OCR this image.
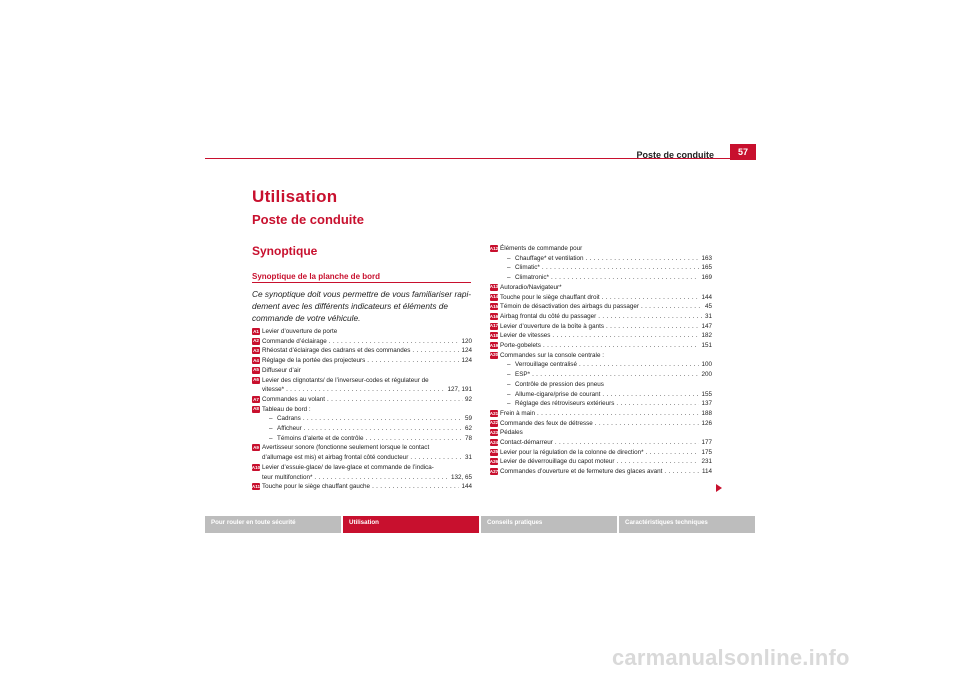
Poste de conduite	57
Utilisation
Poste de conduite
Synoptique
Synoptique de la planche de bord
Ce synoptique doit vous permettre de vous familiariser rapi-dement avec les différents indicateurs et éléments de commande de votre véhicule.
A1 Levier d’ouverture de porte
A2 Commande d’éclairage . . .	120
A3 Rhéostat d’éclairage des cadrans et des commandes . . .	124
A4 Réglage de la portée des projecteurs . . .	124
A5 Diffuseur d’air
A6 Levier des clignotants/ de l’inverseur-codes et régulateur de
vitesse* . . .	127, 191
A7 Commandes au volant . . .	92
A8 Tableau de bord :
– Cadrans . . .	59
– Afficheur . . .	62
– Témoins d’alerte et de contrôle . . .	78
A9 Avertisseur sonore (fonctionne seulement lorsque le contact
d’allumage est mis) et airbag frontal côté conducteur . . .	31
A10 Levier d’essuie-glace/ de lave-glace et commande de l’indica-
teur multifonction* . . .	132, 65
A11 Touche pour le siège chauffant gauche . . .	144
A12 Éléments de commande pour
– Chauffage* et ventilation . . .	163
– Climatic* . . .	165
– Climatronic* . . .	169
A13 Autoradio/Navigateur*
A14 Touche pour le siège chauffant droit . . .	144
A15 Témoin de désactivation des airbags du passager . . .	45
A16 Airbag frontal du côté du passager . . .	31
A17 Levier d’ouverture de la boîte à gants . . .	147
A18 Levier de vitesses . . .	182
A19 Porte-gobelets . . .	151
A20 Commandes sur la console centrale :
– Verrouillage centralisé . . .	100
– ESP* . . .	200
– Contrôle de pression des pneus
– Allume-cigare/prise de courant . . .	155
– Réglage des rétroviseurs extérieurs . . .	137
A21 Frein à main . . .	188
A22 Commande des feux de détresse . . .	126
A23 Pédales
A24 Contact-démarreur . . .	177
A25 Levier pour la régulation de la colonne de direction* . . .	175
A26 Levier de déverrouillage du capot moteur . . .	231
A27 Commandes d’ouverture et de fermeture des glaces avant . . .	114
Pour rouler en toute sécurité	Utilisation	Conseils pratiques	Caractéristiques techniques
carmanualsonline.info
